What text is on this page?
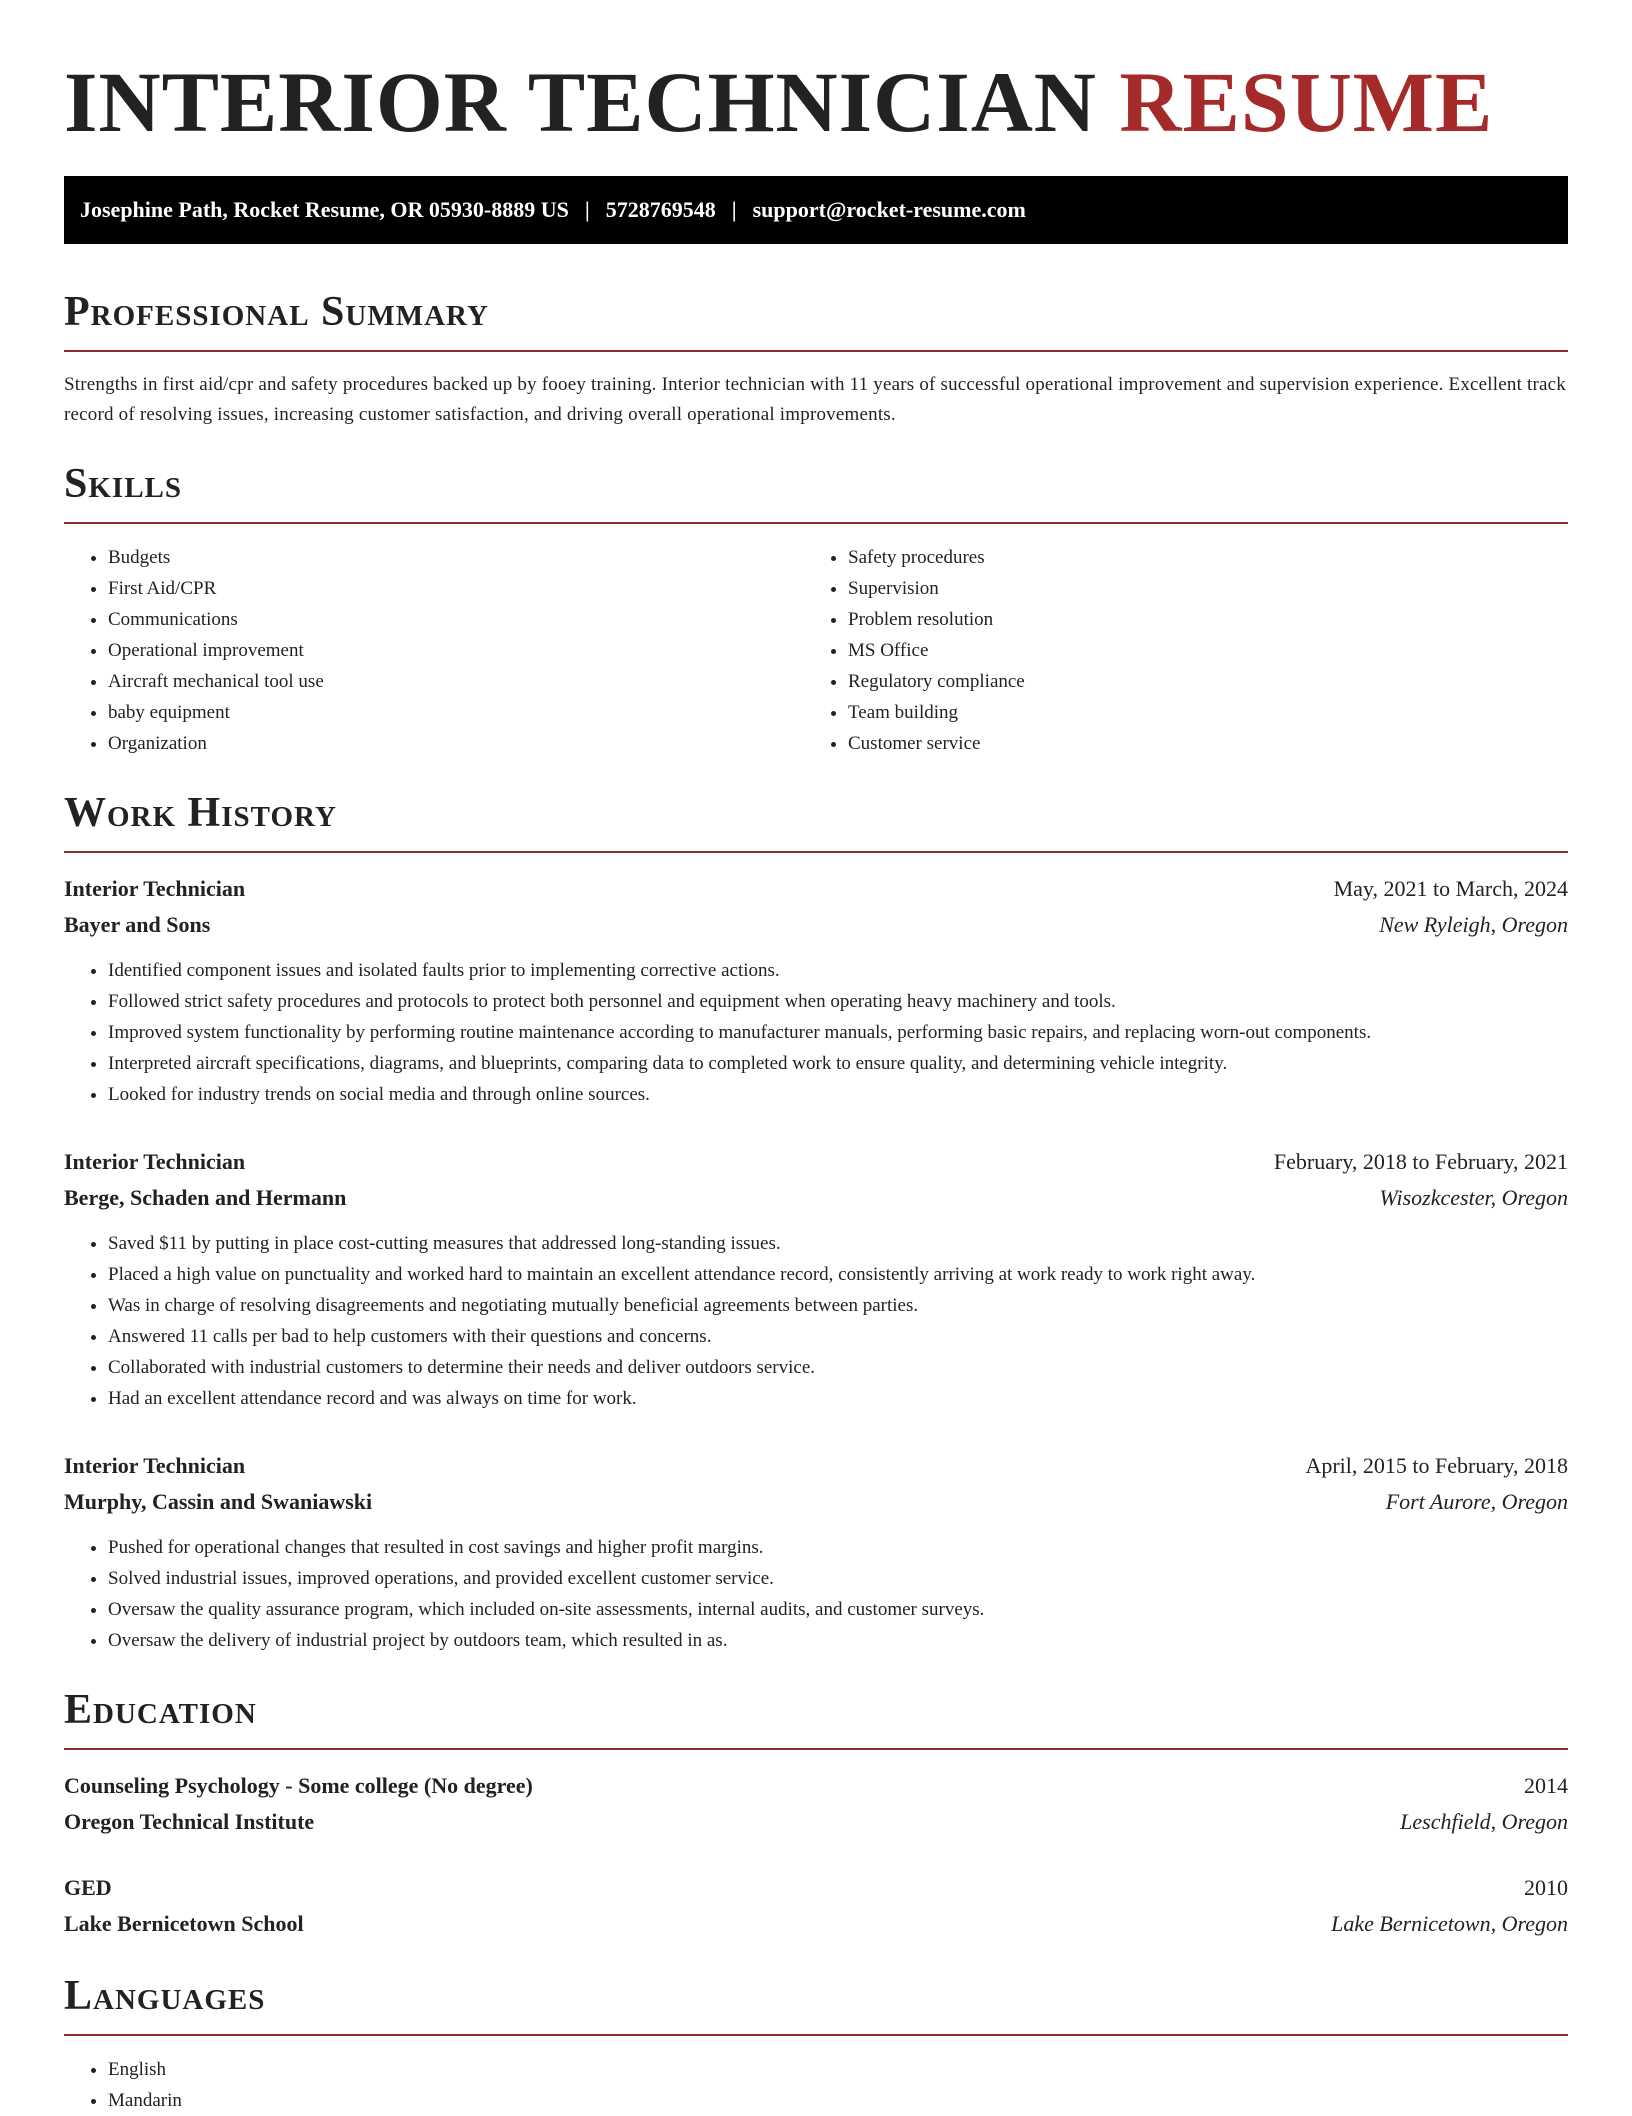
INTERIOR TECHNICIAN RESUME
Josephine Path, Rocket Resume, OR 05930-8889 US | 5728769548 | support@rocket-resume.com
Professional Summary

Strengths in first aid/cpr and safety procedures backed up by fooey training. Interior technician with 11 years of successful operational improvement and supervision experience. Excellent track record of resolving issues, increasing customer satisfaction, and driving overall operational improvements.

Skills
• Budgets
• First Aid/CPR
• Communications
• Operational improvement
• Aircraft mechanical tool use
• baby equipment
• Organization
• Safety procedures
• Supervision
• Problem resolution
• MS Office
• Regulatory compliance
• Team building
• Customer service
Work History
Interior Technician	May, 2021 to March, 2024
Bayer and Sons	New Ryleigh, Oregon
• Identified component issues and isolated faults prior to implementing corrective actions.
• Followed strict safety procedures and protocols to protect both personnel and equipment when operating heavy machinery and tools.
• Improved system functionality by performing routine maintenance according to manufacturer manuals, performing basic repairs, and replacing worn-out components.
• Interpreted aircraft specifications, diagrams, and blueprints, comparing data to completed work to ensure quality, and determining vehicle integrity.
• Looked for industry trends on social media and through online sources.
Interior Technician	February, 2018 to February, 2021
Berge, Schaden and Hermann	Wisozkcester, Oregon
• Saved $11 by putting in place cost-cutting measures that addressed long-standing issues.
• Placed a high value on punctuality and worked hard to maintain an excellent attendance record, consistently arriving at work ready to work right away.
• Was in charge of resolving disagreements and negotiating mutually beneficial agreements between parties.
• Answered 11 calls per bad to help customers with their questions and concerns.
• Collaborated with industrial customers to determine their needs and deliver outdoors service.
• Had an excellent attendance record and was always on time for work.
Interior Technician	April, 2015 to February, 2018
Murphy, Cassin and Swaniawski	Fort Aurore, Oregon
• Pushed for operational changes that resulted in cost savings and higher profit margins.
• Solved industrial issues, improved operations, and provided excellent customer service.
• Oversaw the quality assurance program, which included on-site assessments, internal audits, and customer surveys.
• Oversaw the delivery of industrial project by outdoors team, which resulted in as.
Education
Counseling Psychology - Some college (No degree)	2014
Oregon Technical Institute	Leschfield, Oregon
GED	2010
Lake Bernicetown School	Lake Bernicetown, Oregon
Languages
• English
• Mandarin
